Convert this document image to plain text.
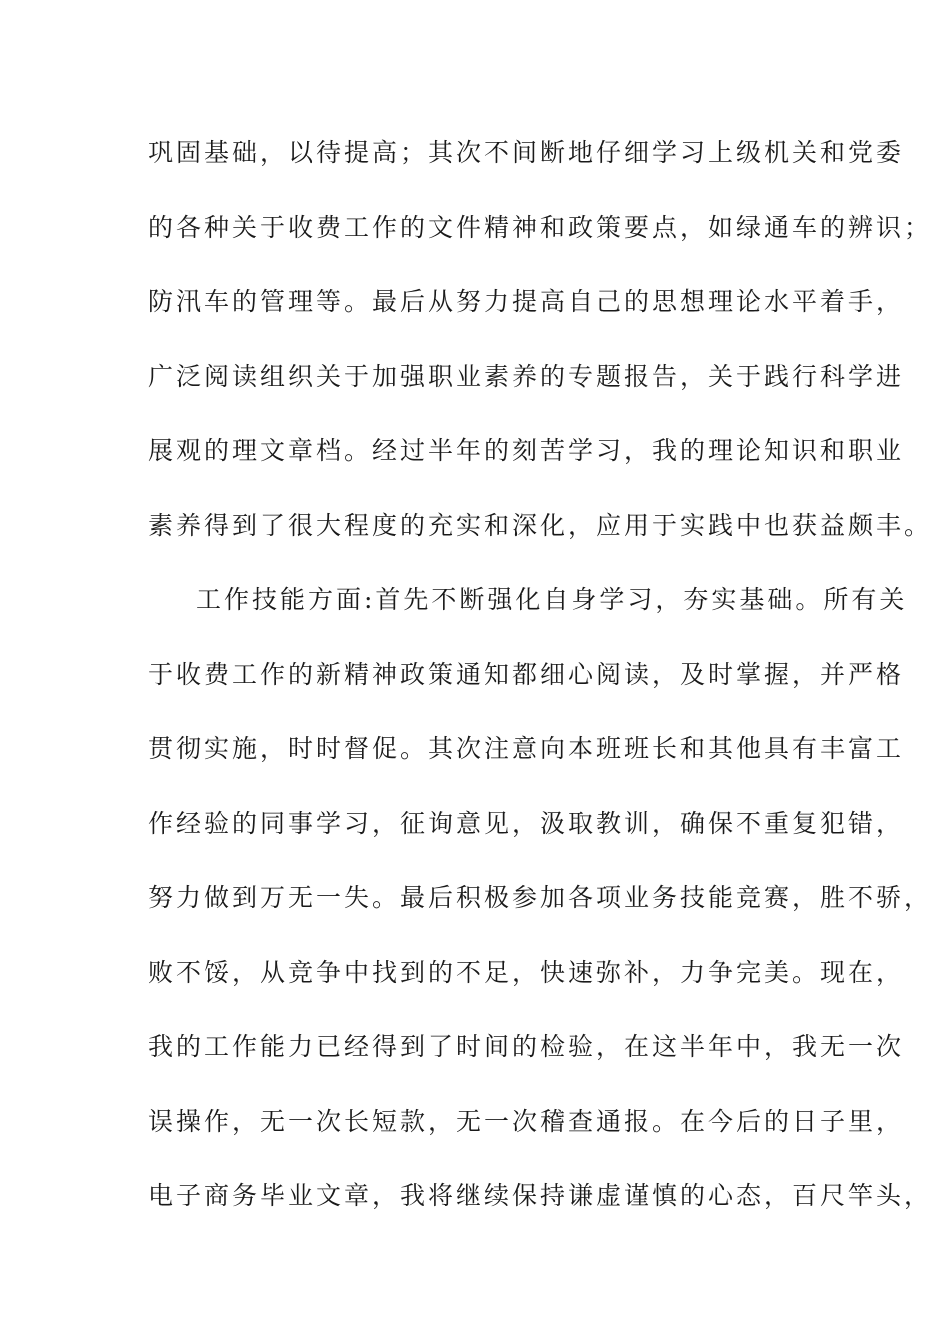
巩固基础，以待提高；其次不间断地仔细学习上级机关和党委
的各种关于收费工作的文件精神和政策要点，如绿通车的辨识；
防汛车的管理等。最后从努力提高自己的思想理论水平着手，
广泛阅读组织关于加强职业素养的专题报告，关于践行科学进
展观的理文章档。经过半年的刻苦学习，我的理论知识和职业
素养得到了很大程度的充实和深化，应用于实践中也获益颇丰。
工作技能方面:首先不断强化自身学习，夯实基础。所有关
于收费工作的新精神政策通知都细心阅读，及时掌握，并严格
贯彻实施，时时督促。其次注意向本班班长和其他具有丰富工
作经验的同事学习，征询意见，汲取教训，确保不重复犯错，
努力做到万无一失。最后积极参加各项业务技能竞赛，胜不骄，
败不馁，从竞争中找到的不足，快速弥补，力争完美。现在，
我的工作能力已经得到了时间的检验，在这半年中，我无一次
误操作，无一次长短款，无一次稽查通报。在今后的日子里，
电子商务毕业文章，我将继续保持谦虚谨慎的心态，百尺竿头，
